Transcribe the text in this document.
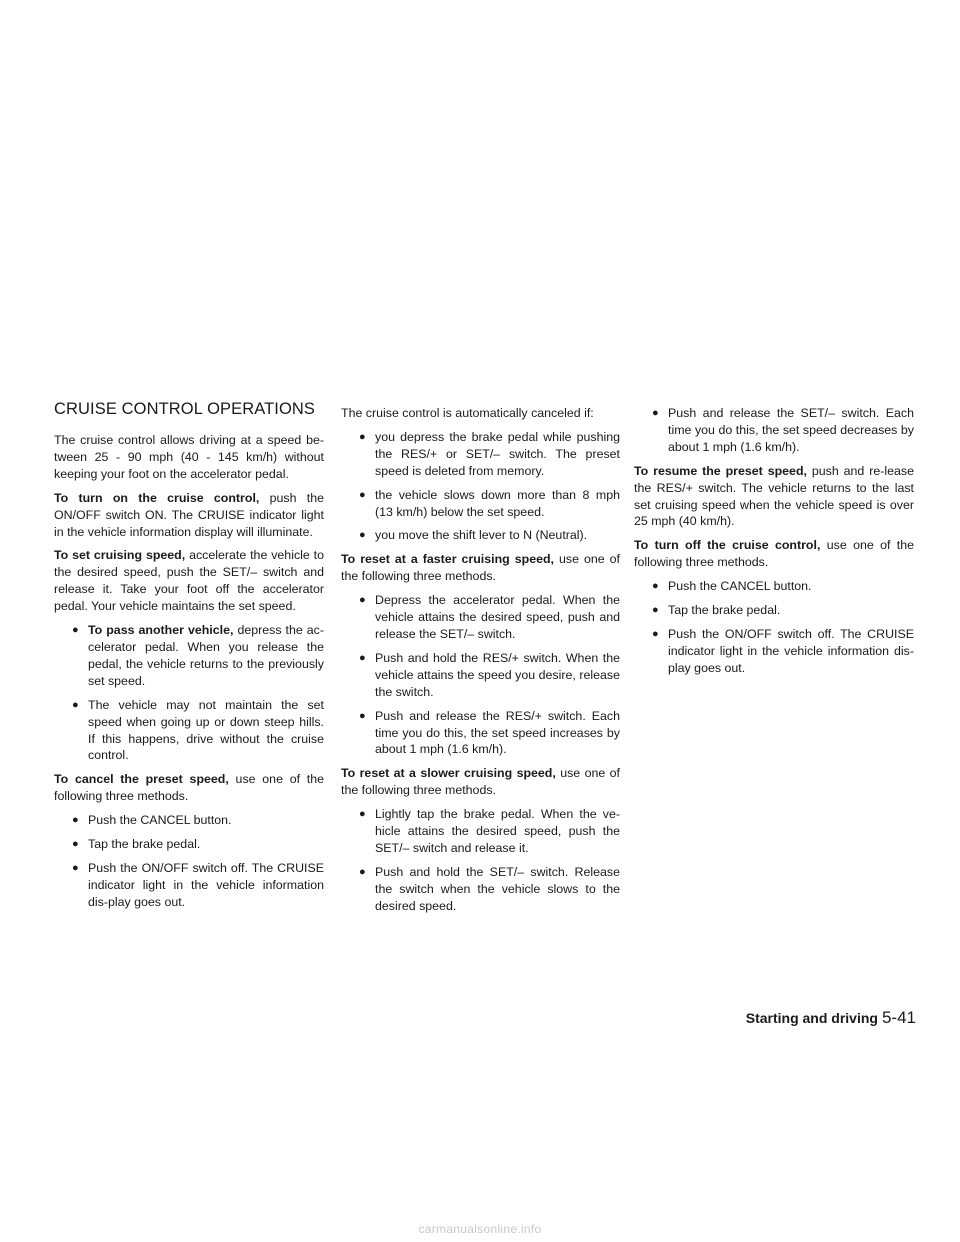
CRUISE CONTROL OPERATIONS

The cruise control allows driving at a speed be-tween 25 - 90 mph (40 - 145 km/h) without keeping your foot on the accelerator pedal.

To turn on the cruise control, push the ON/OFF switch ON. The CRUISE indicator light in the vehicle information display will illuminate.

To set cruising speed, accelerate the vehicle to the desired speed, push the SET/– switch and release it. Take your foot off the accelerator pedal. Your vehicle maintains the set speed.

● To pass another vehicle, depress the ac-celerator pedal. When you release the pedal, the vehicle returns to the previously set speed.
● The vehicle may not maintain the set speed when going up or down steep hills. If this happens, drive without the cruise control.

To cancel the preset speed, use one of the following three methods.

● Push the CANCEL button.
● Tap the brake pedal.
● Push the ON/OFF switch off. The CRUISE indicator light in the vehicle information dis-play goes out.

The cruise control is automatically canceled if:

● you depress the brake pedal while pushing the RES/+ or SET/– switch. The preset speed is deleted from memory.
● the vehicle slows down more than 8 mph (13 km/h) below the set speed.
● you move the shift lever to N (Neutral).

To reset at a faster cruising speed, use one of the following three methods.

● Depress the accelerator pedal. When the vehicle attains the desired speed, push and release the SET/– switch.
● Push and hold the RES/+ switch. When the vehicle attains the speed you desire, release the switch.
● Push and release the RES/+ switch. Each time you do this, the set speed increases by about 1 mph (1.6 km/h).

To reset at a slower cruising speed, use one of the following three methods.

● Lightly tap the brake pedal. When the ve-hicle attains the desired speed, push the SET/– switch and release it.
● Push and hold the SET/– switch. Release the switch when the vehicle slows to the desired speed.
● Push and release the SET/– switch. Each time you do this, the set speed decreases by about 1 mph (1.6 km/h).

To resume the preset speed, push and re-lease the RES/+ switch. The vehicle returns to the last set cruising speed when the vehicle speed is over 25 mph (40 km/h).

To turn off the cruise control, use one of the following three methods.

● Push the CANCEL button.
● Tap the brake pedal.
● Push the ON/OFF switch off. The CRUISE indicator light in the vehicle information dis-play goes out.
Starting and driving 5-41
carmanualsonline.info
